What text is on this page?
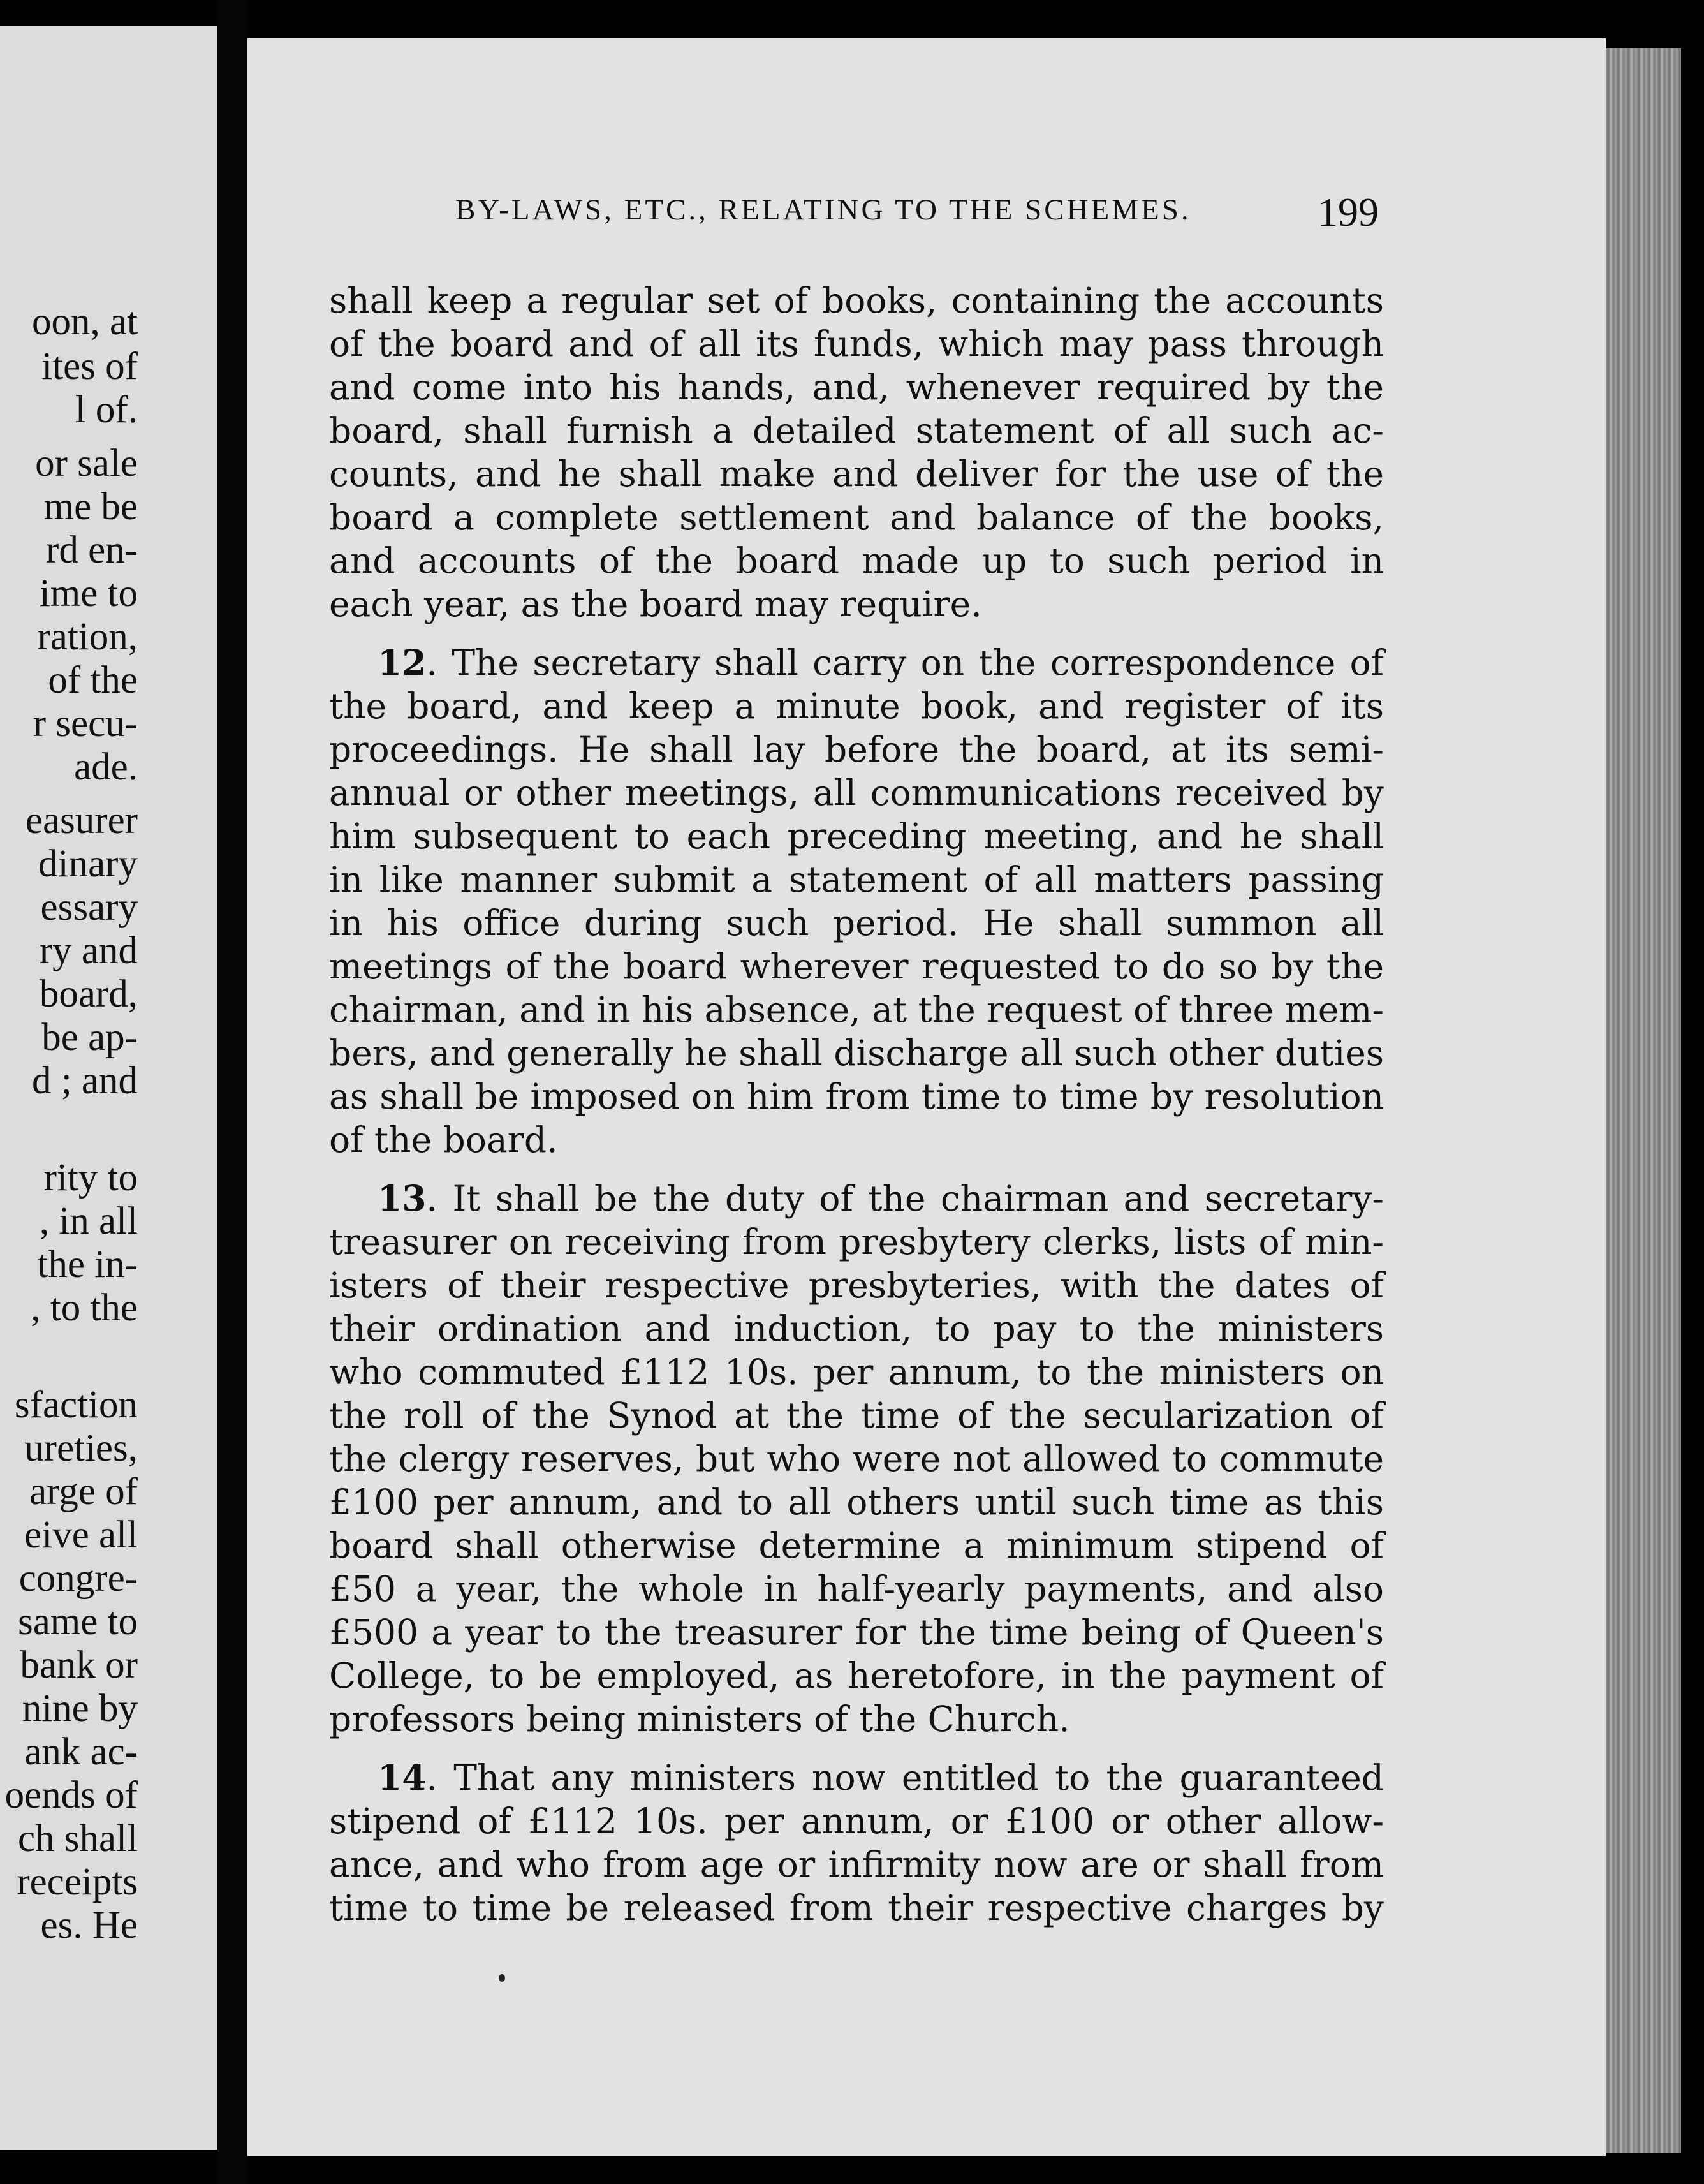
oon, at
ites of
l of.
or sale
me be
rd en-
ime to
ration,
of the
r secu-
ade.
easurer
dinary
essary
ry and
board,
be ap-
d ; and
rity to
, in all
the in-
, to the
sfaction
ureties,
arge of
eive all
congre-
same to
bank or
nine by
ank ac-
oends of
ch shall
receipts
es. He
BY-LAWS, ETC., RELATING TO THE SCHEMES.	199
shall keep a regular set of books, containing the accounts
of the board and of all its funds, which may pass through
and come into his hands, and, whenever required by the
board, shall furnish a detailed statement of all such ac-
counts, and he shall make and deliver for the use of the
board a complete settlement and balance of the books,
and accounts of the board made up to such period in
each year, as the board may require.
12. The secretary shall carry on the correspondence of
the board, and keep a minute book, and register of its
proceedings. He shall lay before the board, at its semi-
annual or other meetings, all communications received by
him subsequent to each preceding meeting, and he shall
in like manner submit a statement of all matters passing
in his office during such period. He shall summon all
meetings of the board wherever requested to do so by the
chairman, and in his absence, at the request of three mem-
bers, and generally he shall discharge all such other duties
as shall be imposed on him from time to time by resolution
of the board.
13. It shall be the duty of the chairman and secretary-
treasurer on receiving from presbytery clerks, lists of min-
isters of their respective presbyteries, with the dates of
their ordination and induction, to pay to the ministers
who commuted £112 10s. per annum, to the ministers on
the roll of the Synod at the time of the secularization of
the clergy reserves, but who were not allowed to commute
£100 per annum, and to all others until such time as this
board shall otherwise determine a minimum stipend of
£50 a year, the whole in half-yearly payments, and also
£500 a year to the treasurer for the time being of Queen's
College, to be employed, as heretofore, in the payment of
professors being ministers of the Church.
14. That any ministers now entitled to the guaranteed
stipend of £112 10s. per annum, or £100 or other allow-
ance, and who from age or infirmity now are or shall from
time to time be released from their respective charges by
